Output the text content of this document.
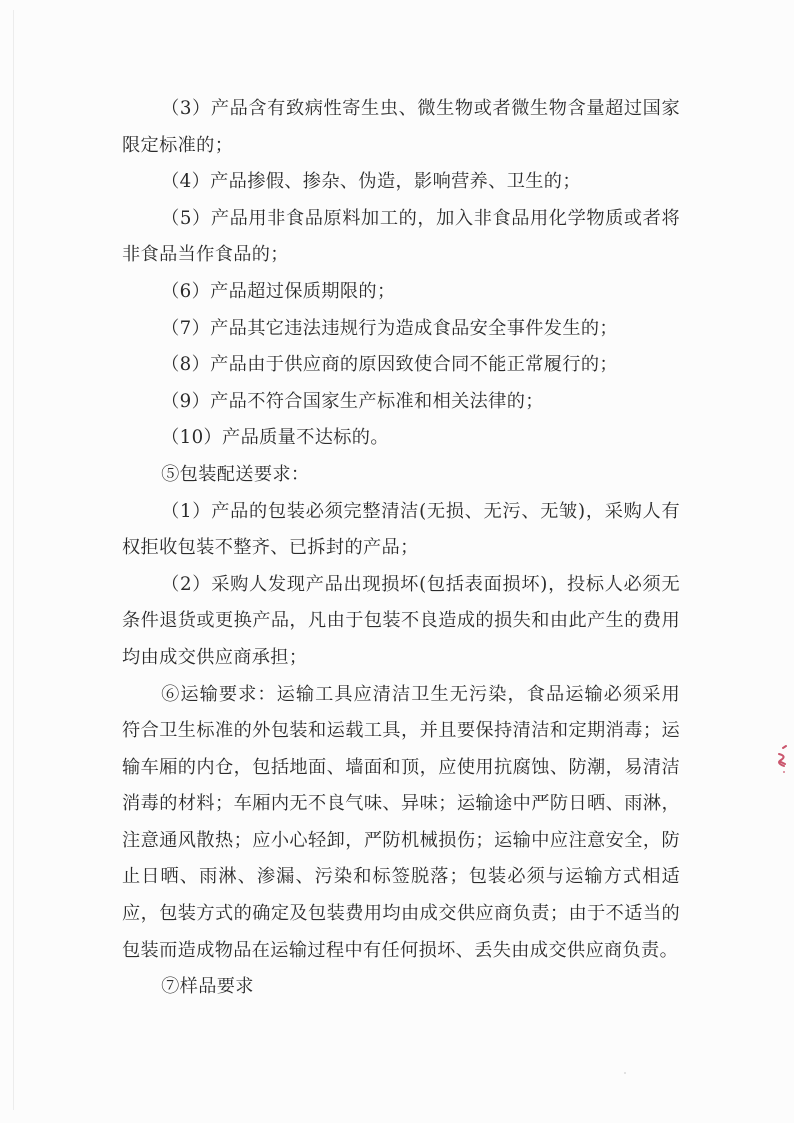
（3）产品含有致病性寄生虫、微生物或者微生物含量超过国家限定标准的；

（4）产品掺假、掺杂、伪造，影响营养、卫生的；

（5）产品用非食品原料加工的，加入非食品用化学物质或者将非食品当作食品的；

（6）产品超过保质期限的；

（7）产品其它违法违规行为造成食品安全事件发生的；

（8）产品由于供应商的原因致使合同不能正常履行的；

（9）产品不符合国家生产标准和相关法律的；

（10）产品质量不达标的。

⑤包装配送要求：

（1）产品的包装必须完整清洁(无损、无污、无皱)，采购人有权拒收包装不整齐、已拆封的产品；

（2）采购人发现产品出现损坏(包括表面损坏)，投标人必须无条件退货或更换产品，凡由于包装不良造成的损失和由此产生的费用均由成交供应商承担；

⑥运输要求：运输工具应清洁卫生无污染，食品运输必须采用符合卫生标准的外包装和运载工具，并且要保持清洁和定期消毒；运输车厢的内仓，包括地面、墙面和顶，应使用抗腐蚀、防潮，易清洁消毒的材料；车厢内无不良气味、异味；运输途中严防日晒、雨淋，注意通风散热；应小心轻卸，严防机械损伤；运输中应注意安全，防止日晒、雨淋、渗漏、污染和标签脱落；包装必须与运输方式相适应，包装方式的确定及包装费用均由成交供应商负责；由于不适当的包装而造成物品在运输过程中有任何损坏、丢失由成交供应商负责。

⑦样品要求
